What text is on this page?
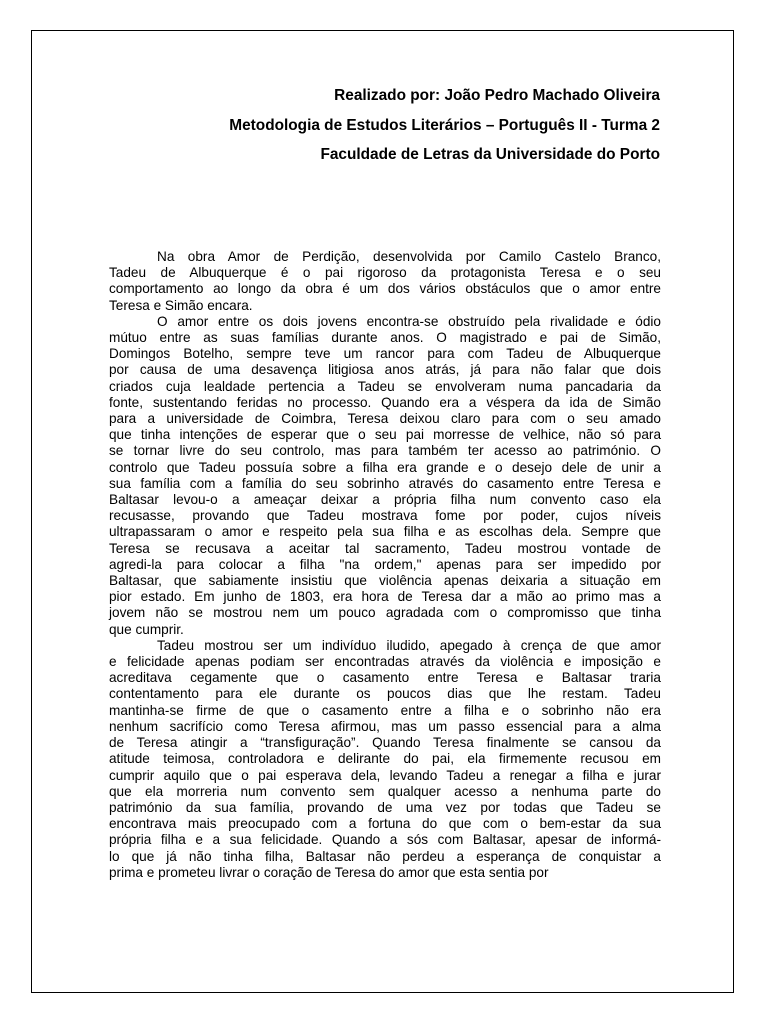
Realizado por: João Pedro Machado Oliveira
Metodologia de Estudos Literários – Português II - Turma 2
Faculdade de Letras da Universidade do Porto

Na obra Amor de Perdição, desenvolvida por Camilo Castelo Branco,
Tadeu de Albuquerque é o pai rigoroso da protagonista Teresa e o seu
comportamento ao longo da obra é um dos vários obstáculos que o amor entre
Teresa e Simão encara.

O amor entre os dois jovens encontra-se obstruído pela rivalidade e ódio
mútuo entre as suas famílias durante anos. O magistrado e pai de Simão,
Domingos Botelho, sempre teve um rancor para com Tadeu de Albuquerque
por causa de uma desavença litigiosa anos atrás, já para não falar que dois
criados cuja lealdade pertencia a Tadeu se envolveram numa pancadaria da
fonte, sustentando feridas no processo. Quando era a véspera da ida de Simão
para a universidade de Coimbra, Teresa deixou claro para com o seu amado
que tinha intenções de esperar que o seu pai morresse de velhice, não só para
se tornar livre do seu controlo, mas para também ter acesso ao património. O
controlo que Tadeu possuía sobre a filha era grande e o desejo dele de unir a
sua família com a família do seu sobrinho através do casamento entre Teresa e
Baltasar levou-o a ameaçar deixar a própria filha num convento caso ela
recusasse, provando que Tadeu mostrava fome por poder, cujos níveis
ultrapassaram o amor e respeito pela sua filha e as escolhas dela. Sempre que
Teresa se recusava a aceitar tal sacramento, Tadeu mostrou vontade de
agredi-la para colocar a filha "na ordem," apenas para ser impedido por
Baltasar, que sabiamente insistiu que violência apenas deixaria a situação em
pior estado. Em junho de 1803, era hora de Teresa dar a mão ao primo mas a
jovem não se mostrou nem um pouco agradada com o compromisso que tinha
que cumprir.

Tadeu mostrou ser um indivíduo iludido, apegado à crença de que amor
e felicidade apenas podiam ser encontradas através da violência e imposição e
acreditava cegamente que o casamento entre Teresa e Baltasar traria
contentamento para ele durante os poucos dias que lhe restam. Tadeu
mantinha-se firme de que o casamento entre a filha e o sobrinho não era
nenhum sacrifício como Teresa afirmou, mas um passo essencial para a alma
de Teresa atingir a “transfiguração”. Quando Teresa finalmente se cansou da
atitude teimosa, controladora e delirante do pai, ela firmemente recusou em
cumprir aquilo que o pai esperava dela, levando Tadeu a renegar a filha e jurar
que ela morreria num convento sem qualquer acesso a nenhuma parte do
património da sua família, provando de uma vez por todas que Tadeu se
encontrava mais preocupado com a fortuna do que com o bem-estar da sua
própria filha e a sua felicidade. Quando a sós com Baltasar, apesar de informá-
lo que já não tinha filha, Baltasar não perdeu a esperança de conquistar a
prima e prometeu livrar o coração de Teresa do amor que esta sentia por
